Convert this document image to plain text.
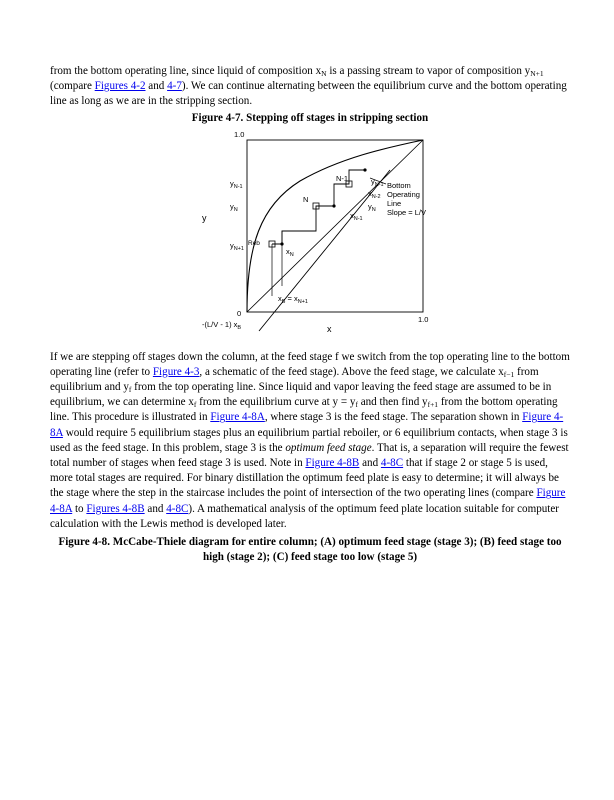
from the bottom operating line, since liquid of composition $x_N$ is a passing stream to vapor of composition $y_{N+1}$ (compare Figures 4-2 and 4-7). We can continue alternating between the equilibrium curve and the bottom operating line as long as we are in the stripping section.

Figure 4-7. Stepping off stages in stripping section

1.0
1.0
0
y
x
$y_{N-1}$
$y_N$
$y_{N+1}$
Reb
N
N-1
$x_N$
$x_{N-1}$
$x_{N-2}$
$y_{N-1}$
$y_N$
$x_B = x_{N+1}$
-(L/V - 1) $x_B$
Bottom
Operating
Line
Slope = L/V

If we are stepping off stages down the column, at the feed stage f we switch from the top operating line to the bottom operating line (refer to Figure 4-3, a schematic of the feed stage). Above the feed stage, we calculate $x_{f-1}$ from equilibrium and $y_f$ from the top operating line. Since liquid and vapor leaving the feed stage are assumed to be in equilibrium, we can determine $x_f$ from the equilibrium curve at $y = y_f$ and then find $y_{f+1}$ from the bottom operating line. This procedure is illustrated in Figure 4-8A, where stage 3 is the feed stage. The separation shown in Figure 4-8A would require 5 equilibrium stages plus an equilibrium partial reboiler, or 6 equilibrium contacts, when stage 3 is used as the feed stage. In this problem, stage 3 is the optimum feed stage. That is, a separation will require the fewest total number of stages when feed stage 3 is used. Note in Figure 4-8B and 4-8C that if stage 2 or stage 5 is used, more total stages are required. For binary distillation the optimum feed plate is easy to determine; it will always be the stage where the step in the staircase includes the point of intersection of the two operating lines (compare Figure 4-8A to Figures 4-8B and 4-8C). A mathematical analysis of the optimum feed plate location suitable for computer calculation with the Lewis method is developed later.

Figure 4-8. McCabe-Thiele diagram for entire column; (A) optimum feed stage (stage 3); (B) feed stage too high (stage 2); (C) feed stage too low (stage 5)
